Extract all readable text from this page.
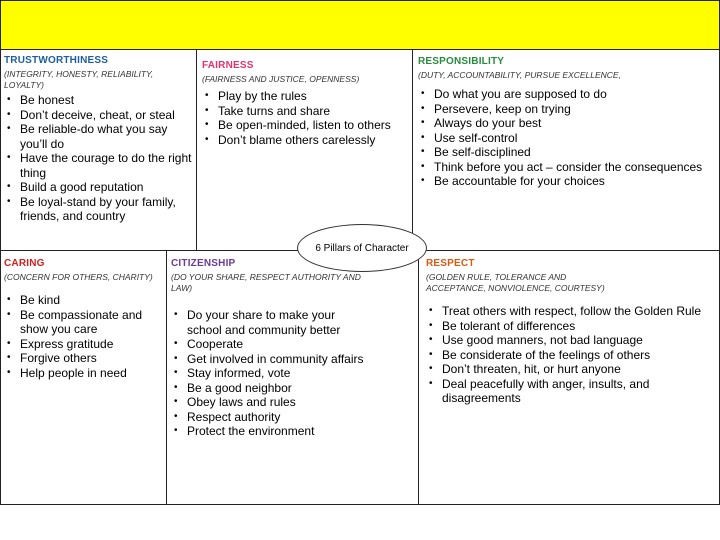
TRUSTWORTHINESS
(INTEGRITY, HONESTY, RELIABILITY, LOYALTY)
• Be honest
• Don’t deceive, cheat, or steal
• Be reliable-do what you say you’ll do
• Have the courage to do the right thing
• Build a good reputation
• Be loyal-stand by your family, friends, and country
FAIRNESS
(FAIRNESS AND JUSTICE, OPENNESS)
• Play by the rules
• Take turns and share
• Be open-minded, listen to others
• Don’t blame others carelessly
RESPONSIBILITY
(DUTY, ACCOUNTABILITY, PURSUE EXCELLENCE,
• Do what you are supposed to do
• Persevere, keep on trying
• Always do your best
• Use self-control
• Be self-disciplined
• Think before you act – consider the consequences
• Be accountable for your choices
CARING
(CONCERN FOR OTHERS, CHARITY)
• Be kind
• Be compassionate and show you care
• Express gratitude
• Forgive others
• Help people in need
CITIZENSHIP
(DO YOUR SHARE, RESPECT AUTHORITY AND LAW)
• Do your share to make your school and community better
• Cooperate
• Get involved in community affairs
• Stay informed, vote
• Be a good neighbor
• Obey laws and rules
• Respect authority
• Protect the environment
RESPECT
(GOLDEN RULE, TOLERANCE AND ACCEPTANCE, NONVIOLENCE, COURTESY)
• Treat others with respect, follow the Golden Rule
• Be tolerant of differences
• Use good manners, not bad language
• Be considerate of the feelings of others
• Don’t threaten, hit, or hurt anyone
• Deal peacefully with anger, insults, and disagreements
6 Pillars of Character
